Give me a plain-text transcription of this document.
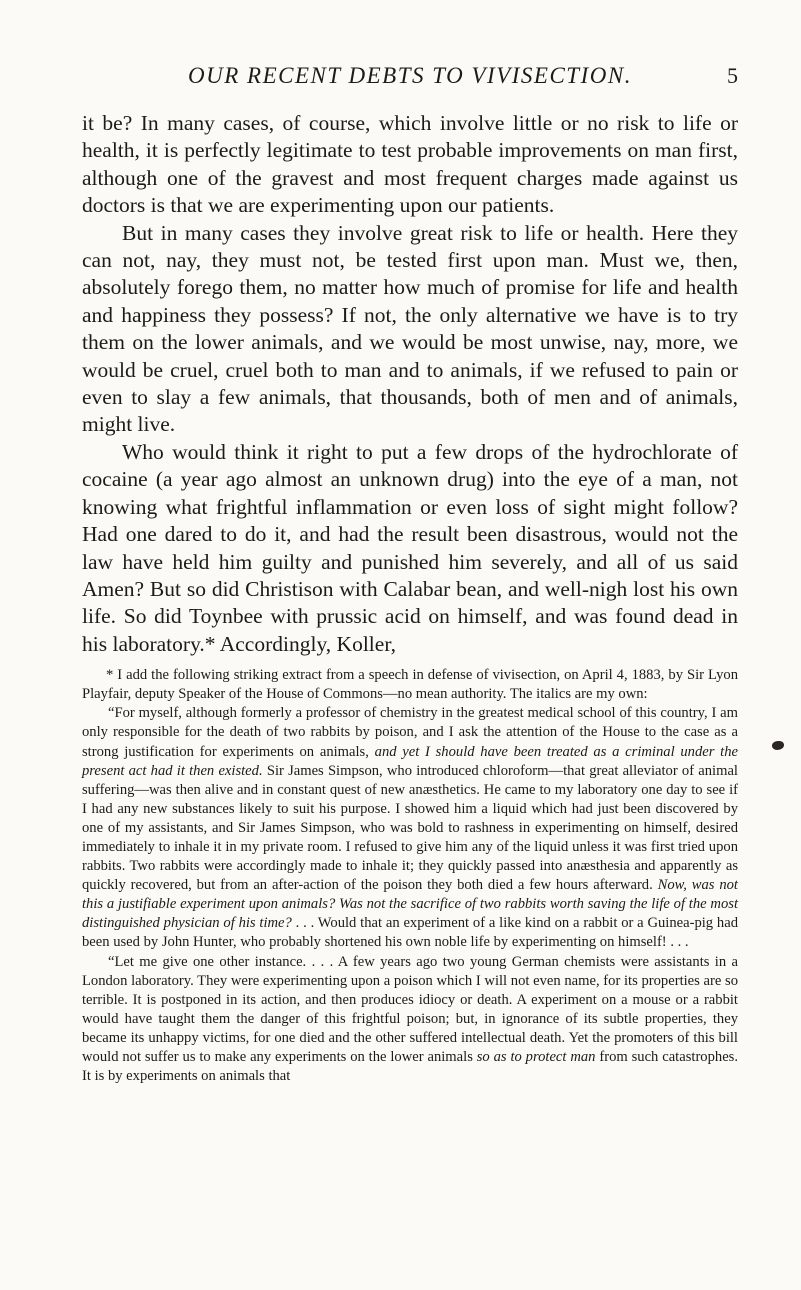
OUR RECENT DEBTS TO VIVISECTION.	5

it be? In many cases, of course, which involve little or no risk to life or health, it is perfectly legitimate to test probable improvements on man first, although one of the gravest and most frequent charges made against us doctors is that we are experimenting upon our patients.

But in many cases they involve great risk to life or health. Here they can not, nay, they must not, be tested first upon man. Must we, then, absolutely forego them, no matter how much of promise for life and health and happiness they possess? If not, the only alternative we have is to try them on the lower animals, and we would be most unwise, nay, more, we would be cruel, cruel both to man and to animals, if we refused to pain or even to slay a few animals, that thousands, both of men and of animals, might live.

Who would think it right to put a few drops of the hydrochlorate of cocaine (a year ago almost an unknown drug) into the eye of a man, not knowing what frightful inflammation or even loss of sight might follow? Had one dared to do it, and had the result been disastrous, would not the law have held him guilty and punished him severely, and all of us said Amen? But so did Christison with Calabar bean, and well-nigh lost his own life. So did Toynbee with prussic acid on himself, and was found dead in his laboratory.* Accordingly, Koller,

* I add the following striking extract from a speech in defense of vivisection, on April 4, 1883, by Sir Lyon Playfair, deputy Speaker of the House of Commons—no mean authority. The italics are my own:

“For myself, although formerly a professor of chemistry in the greatest medical school of this country, I am only responsible for the death of two rabbits by poison, and I ask the attention of the House to the case as a strong justification for experiments on animals, and yet I should have been treated as a criminal under the present act had it then existed. Sir James Simpson, who introduced chloroform—that great alleviator of animal suffering—was then alive and in constant quest of new anæsthetics. He came to my laboratory one day to see if I had any new substances likely to suit his purpose. I showed him a liquid which had just been discovered by one of my assistants, and Sir James Simpson, who was bold to rashness in experimenting on himself, desired immediately to inhale it in my private room. I refused to give him any of the liquid unless it was first tried upon rabbits. Two rabbits were accordingly made to inhale it; they quickly passed into anæsthesia and apparently as quickly recovered, but from an after-action of the poison they both died a few hours afterward. Now, was not this a justifiable experiment upon animals? Was not the sacrifice of two rabbits worth saving the life of the most distinguished physician of his time? . . . Would that an experiment of a like kind on a rabbit or a Guinea-pig had been used by John Hunter, who probably shortened his own noble life by experimenting on himself! . . .

“Let me give one other instance. . . . A few years ago two young German chemists were assistants in a London laboratory. They were experimenting upon a poison which I will not even name, for its properties are so terrible. It is postponed in its action, and then produces idiocy or death. A experiment on a mouse or a rabbit would have taught them the danger of this frightful poison; but, in ignorance of its subtle properties, they became its unhappy victims, for one died and the other suffered intellectual death. Yet the promoters of this bill would not suffer us to make any experiments on the lower animals so as to protect man from such catastrophes. It is by experiments on animals that
